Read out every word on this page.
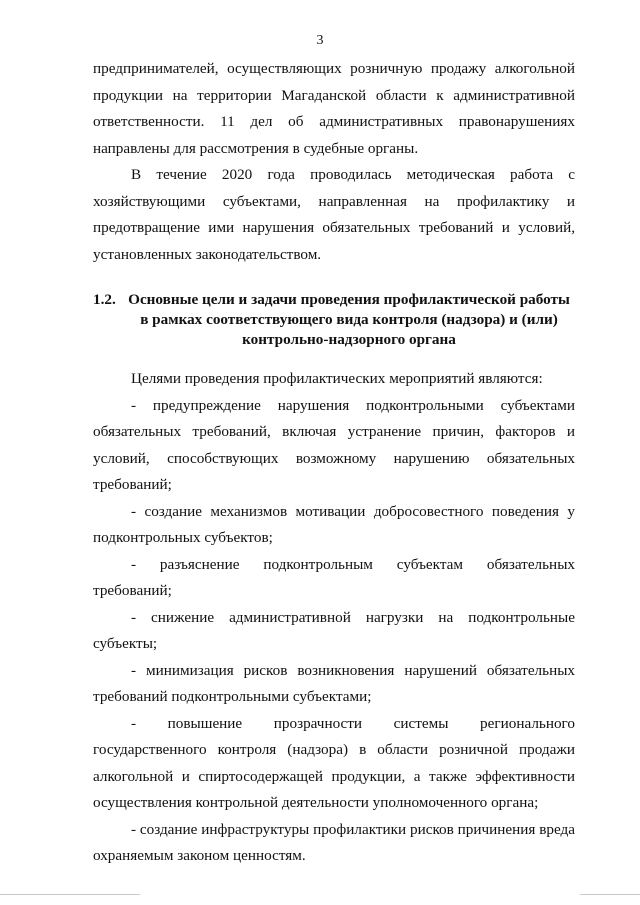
3

предпринимателей, осуществляющих розничную продажу алкогольной продукции на территории Магаданской области к административной ответственности. 11 дел об административных правонарушениях направлены для рассмотрения в судебные органы.

В течение 2020 года проводилась методическая работа с хозяйствующими субъектами, направленная на профилактику и предотвращение ими нарушения обязательных требований и условий, установленных законодательством.

1.2. Основные цели и задачи проведения профилактической работы в рамках соответствующего вида контроля (надзора) и (или) контрольно-надзорного органа

Целями проведения профилактических мероприятий являются:

- предупреждение нарушения подконтрольными субъектами обязательных требований, включая устранение причин, факторов и условий, способствующих возможному нарушению обязательных требований;

- создание механизмов мотивации добросовестного поведения у подконтрольных субъектов;

- разъяснение подконтрольным субъектам обязательных требований;

- снижение административной нагрузки на подконтрольные субъекты;

- минимизация рисков возникновения нарушений обязательных требований подконтрольными субъектами;

- повышение прозрачности системы регионального государственного контроля (надзора) в области розничной продажи алкогольной и спиртосодержащей продукции, а также эффективности осуществления контрольной деятельности уполномоченного органа;

- создание инфраструктуры профилактики рисков причинения вреда охраняемым законом ценностям.
